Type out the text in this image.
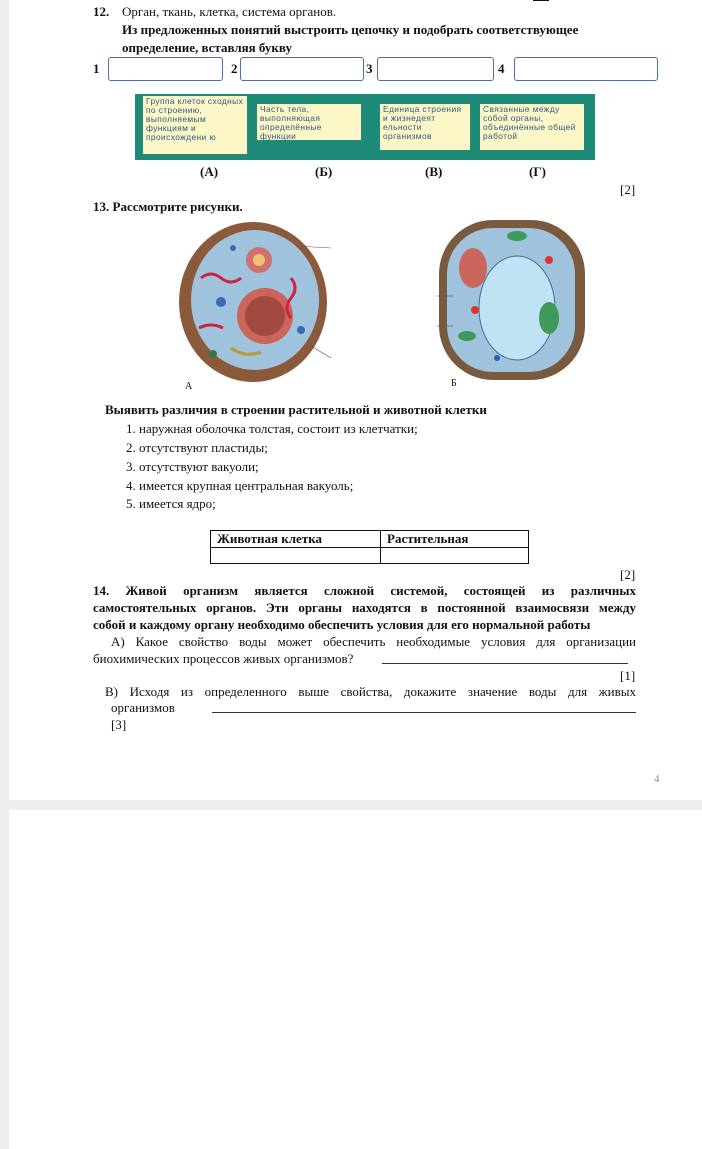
12. Орган, ткань, клетка, система органов.
Из предложенных понятий выстроить цепочку и подобрать соответствующее
определение, вставляя букву
1	2	3	4
Группа клеток сходных по строению, выполняемым функциям и происхождени ю
Часть тела, выполняющая определённые функции
Единица строения и жизнедеят ельности организмов
Связанные между собой органы, объединённые общей работой
(А)	(Б)	(В)	(Г)
[2]
13. Рассмотрите рисунки.
А	Б
Выявить различия в строении растительной и животной клетки
1. наружная оболочка толстая, состоит из клетчатки;
2. отсутствуют пластиды;
3. отсутствуют вакуоли;
4. имеется крупная центральная вакуоль;
5. имеется ядро;
Животная клетка	Растительная

[2]
14. Живой организм является сложной системой, состоящей из различных
самостоятельных органов. Эти органы находятся в постоянной взаимосвязи между
собой и каждому органу необходимо обеспечить условия для его нормальной работы
А) Какое свойство воды может обеспечить необходимые условия для организации
биохимических процессов живых организмов?
[1]
В) Исходя из определенного выше свойства, докажите значение воды для живых
организмов
[3]
4
